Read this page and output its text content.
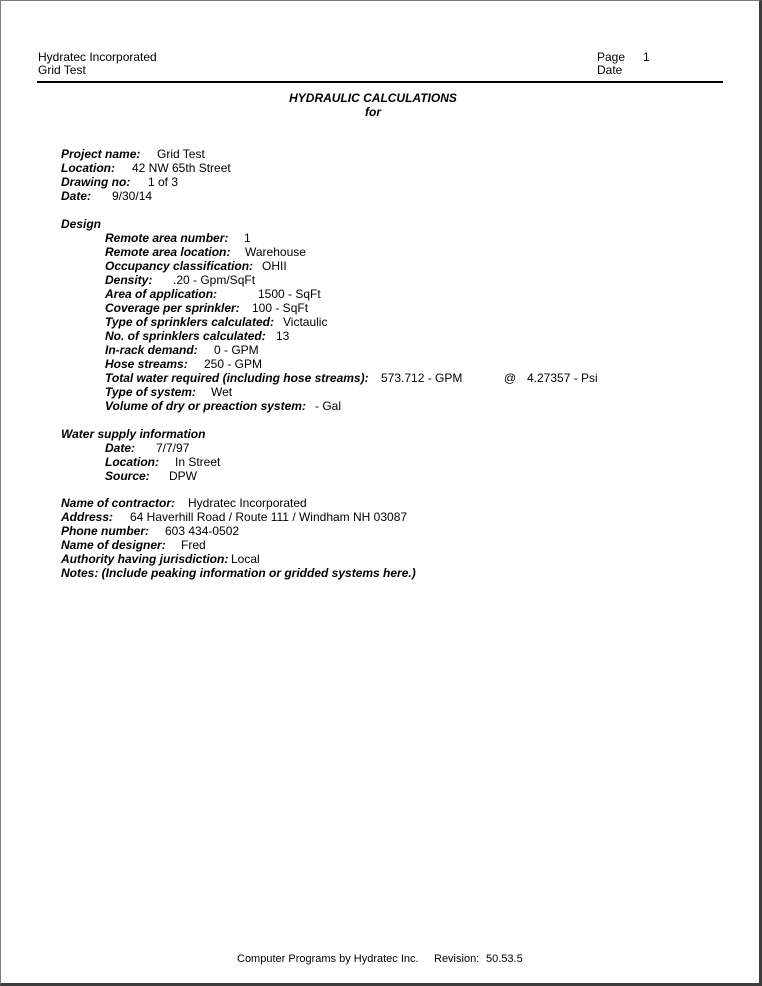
Hydratec Incorporated
Grid Test
Page 1
Date
HYDRAULIC CALCULATIONS
for
Project name: Grid Test
Location: 42 NW 65th Street
Drawing no: 1 of 3
Date: 9/30/14
Design
Remote area number: 1
Remote area location: Warehouse
Occupancy classification: OHII
Density: .20 - Gpm/SqFt
Area of application:	1500 - SqFt
Coverage per sprinkler: 100 - SqFt
Type of sprinklers calculated: Victaulic
No. of sprinklers calculated: 13
In-rack demand: 0 - GPM
Hose streams: 250 - GPM
Total water required (including hose streams): 573.712 - GPM	@ 4.27357 - Psi
Type of system: Wet
Volume of dry or preaction system: - Gal
Water supply information
Date: 7/7/97
Location: In Street
Source: DPW
Name of contractor: Hydratec Incorporated
Address: 64 Haverhill Road / Route 111 / Windham NH 03087
Phone number: 603 434-0502
Name of designer: Fred
Authority having jurisdiction: Local
Notes: (Include peaking information or gridded systems here.)
Computer Programs by Hydratec Inc. Revision: 50.53.5
